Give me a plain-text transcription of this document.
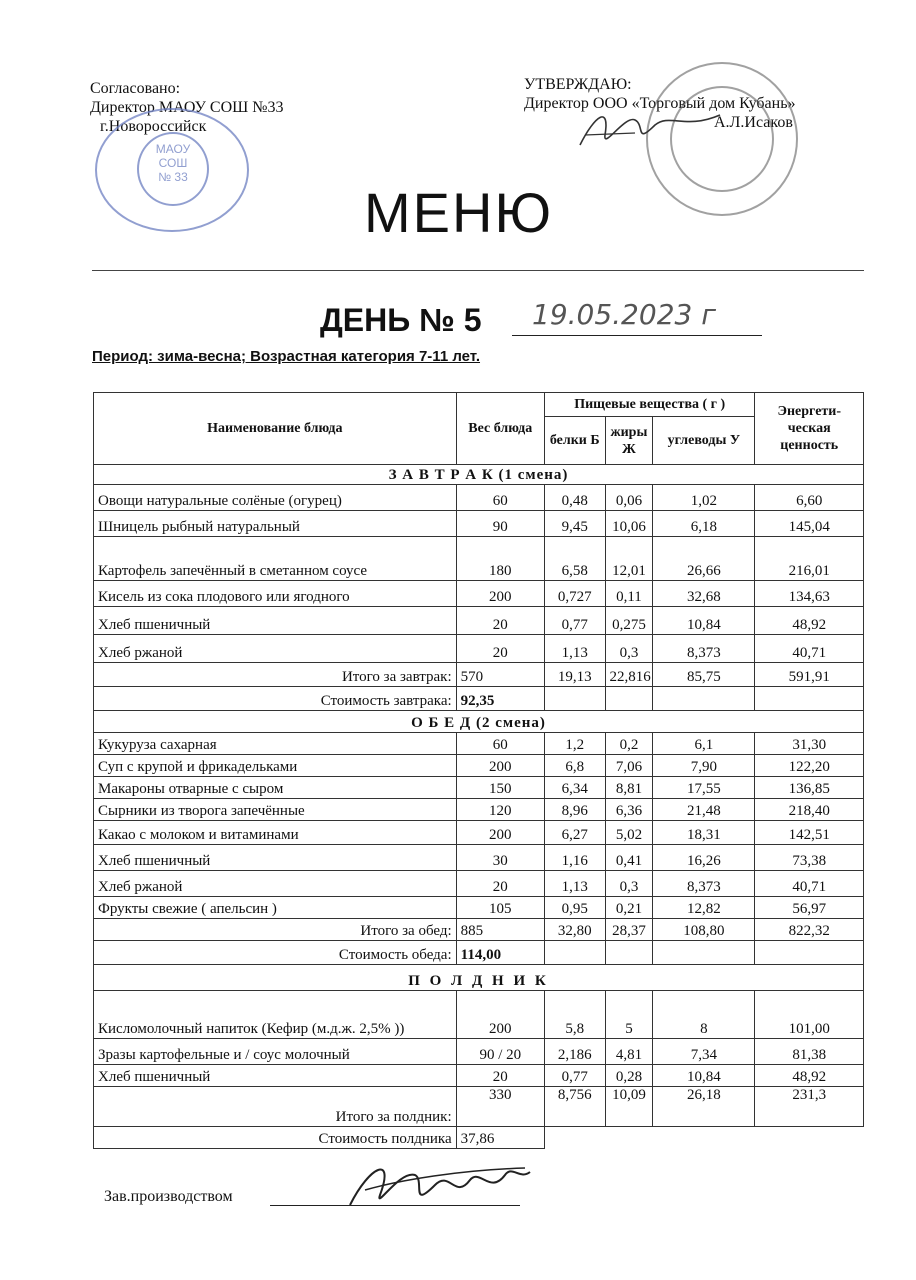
Согласовано:
Директор МАОУ СОШ №33
г.Новороссийск
МАОУ
СОШ
№ 33
УТВЕРЖДАЮ:
Директор ООО «Торговый дом Кубань»
А.Л.Исаков
МЕНЮ
ДЕНЬ № 5 19.05.2023 г
Период: зима-весна; Возрастная категория 7-11 лет.
Наименование блюда	Вес блюда	Пищевые вещества ( г )			Энергети-ческая ценность
		белки Б	жиры Ж	углеводы У	
З А В Т Р А К (1 смена)					
Овощи натуральные солёные (огурец)	60	0,48	0,06	1,02	6,60
Шницель рыбный натуральный	90	9,45	10,06	6,18	145,04
Картофель запечённый в сметанном соусе	180	6,58	12,01	26,66	216,01
Кисель из сока плодового или ягодного	200	0,727	0,11	32,68	134,63
Хлеб пшеничный	20	0,77	0,275	10,84	48,92
Хлеб ржаной	20	1,13	0,3	8,373	40,71
Итого за завтрак:	570	19,13	22,816	85,75	591,91
Стоимость завтрака:	92,35				
О Б Е Д (2 смена)					
Кукуруза сахарная	60	1,2	0,2	6,1	31,30
Суп с крупой и фрикадельками	200	6,8	7,06	7,90	122,20
Макароны отварные с сыром	150	6,34	8,81	17,55	136,85
Сырники из творога запечённые	120	8,96	6,36	21,48	218,40
Какао с молоком и витаминами	200	6,27	5,02	18,31	142,51
Хлеб пшеничный	30	1,16	0,41	16,26	73,38
Хлеб ржаной	20	1,13	0,3	8,373	40,71
Фрукты свежие ( апельсин )	105	0,95	0,21	12,82	56,97
Итого за обед:	885	32,80	28,37	108,80	822,32
Стоимость обеда:	114,00				
П О Л Д Н И К					
Кисломолочный напиток (Кефир (м.д.ж. 2,5% ))	200	5,8	5	8	101,00
Зразы картофельные и / соус молочный	90 / 20	2,186	4,81	7,34	81,38
Хлеб пшеничный	20	0,77	0,28	10,84	48,92
Итого за полдник:	330	8,756	10,09	26,18	231,3
Стоимость полдника	37,86				
Зав.производством
